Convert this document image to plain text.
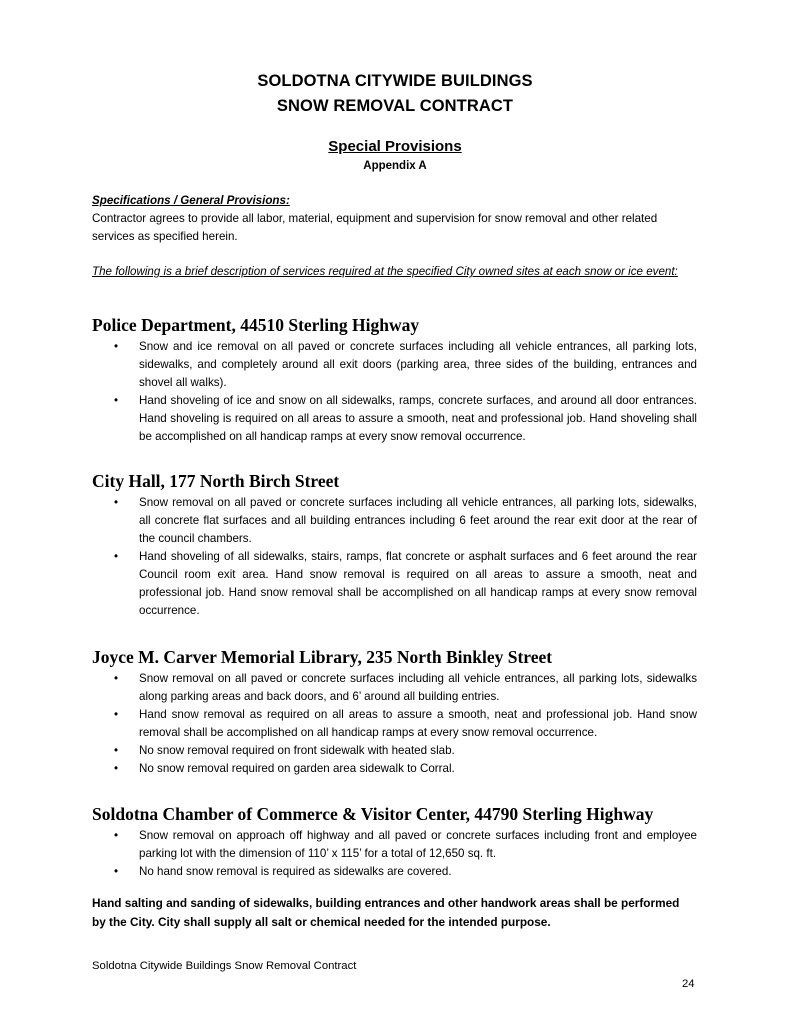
SOLDOTNA CITYWIDE BUILDINGS
SNOW REMOVAL CONTRACT
Special Provisions
Appendix A
Specifications / General Provisions:
Contractor agrees to provide all labor, material, equipment and supervision for snow removal and other related services as specified herein.
The following is a brief description of services required at the specified City owned sites at each snow or ice event:
Police Department, 44510 Sterling Highway
• Snow and ice removal on all paved or concrete surfaces including all vehicle entrances, all parking lots, sidewalks, and completely around all exit doors (parking area, three sides of the building, entrances and shovel all walks).
• Hand shoveling of ice and snow on all sidewalks, ramps, concrete surfaces, and around all door entrances. Hand shoveling is required on all areas to assure a smooth, neat and professional job. Hand shoveling shall be accomplished on all handicap ramps at every snow removal occurrence.
City Hall, 177 North Birch Street
• Snow removal on all paved or concrete surfaces including all vehicle entrances, all parking lots, sidewalks, all concrete flat surfaces and all building entrances including 6 feet around the rear exit door at the rear of the council chambers.
• Hand shoveling of all sidewalks, stairs, ramps, flat concrete or asphalt surfaces and 6 feet around the rear Council room exit area. Hand snow removal is required on all areas to assure a smooth, neat and professional job. Hand snow removal shall be accomplished on all handicap ramps at every snow removal occurrence.
Joyce M. Carver Memorial Library, 235 North Binkley Street
• Snow removal on all paved or concrete surfaces including all vehicle entrances, all parking lots, sidewalks along parking areas and back doors, and 6’ around all building entries.
• Hand snow removal as required on all areas to assure a smooth, neat and professional job. Hand snow removal shall be accomplished on all handicap ramps at every snow removal occurrence.
• No snow removal required on front sidewalk with heated slab.
• No snow removal required on garden area sidewalk to Corral.
Soldotna Chamber of Commerce & Visitor Center, 44790 Sterling Highway
• Snow removal on approach off highway and all paved or concrete surfaces including front and employee parking lot with the dimension of 110’ x 115’ for a total of 12,650 sq. ft.
• No hand snow removal is required as sidewalks are covered.
Hand salting and sanding of sidewalks, building entrances and other handwork areas shall be performed by the City. City shall supply all salt or chemical needed for the intended purpose.
Soldotna Citywide Buildings Snow Removal Contract
24
